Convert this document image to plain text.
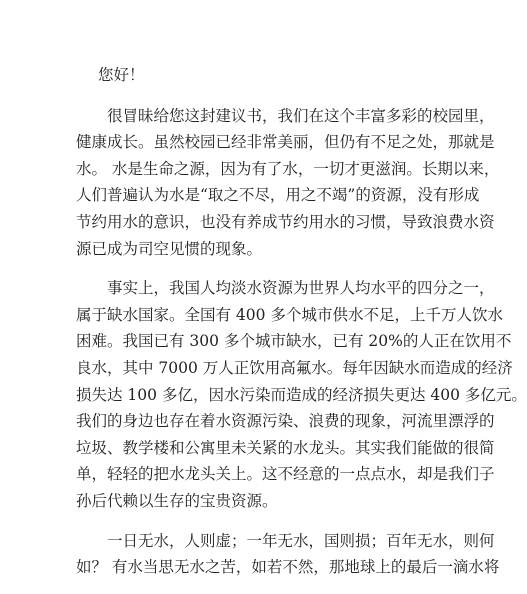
您好！
很冒昧给您这封建议书，我们在这个丰富多彩的校园里，
健康成长。虽然校园已经非常美丽，但仍有不足之处，那就是
水。 水是生命之源，因为有了水，一切才更滋润。长期以来，
人们普遍认为水是“取之不尽，用之不竭”的资源，没有形成
节约用水的意识，也没有养成节约用水的习惯，导致浪费水资
源已成为司空见惯的现象。
事实上，我国人均淡水资源为世界人均水平的四分之一，
属于缺水国家。全国有 400 多个城市供水不足，上千万人饮水
困难。我国已有 300 多个城市缺水，已有 20%的人正在饮用不
良水，其中 7000 万人正饮用高氟水。每年因缺水而造成的经济
损失达 100 多亿，因水污染而造成的经济损失更达 400 多亿元。
我们的身边也存在着水资源污染、浪费的现象，河流里漂浮的
垃圾、教学楼和公寓里未关紧的水龙头。其实我们能做的很简
单，轻轻的把水龙头关上。这不经意的一点点水，却是我们子
孙后代赖以生存的宝贵资源。
一日无水，人则虚；一年无水，国则损；百年无水，则何
如？ 有水当思无水之苦，如若不然，那地球上的最后一滴水将
